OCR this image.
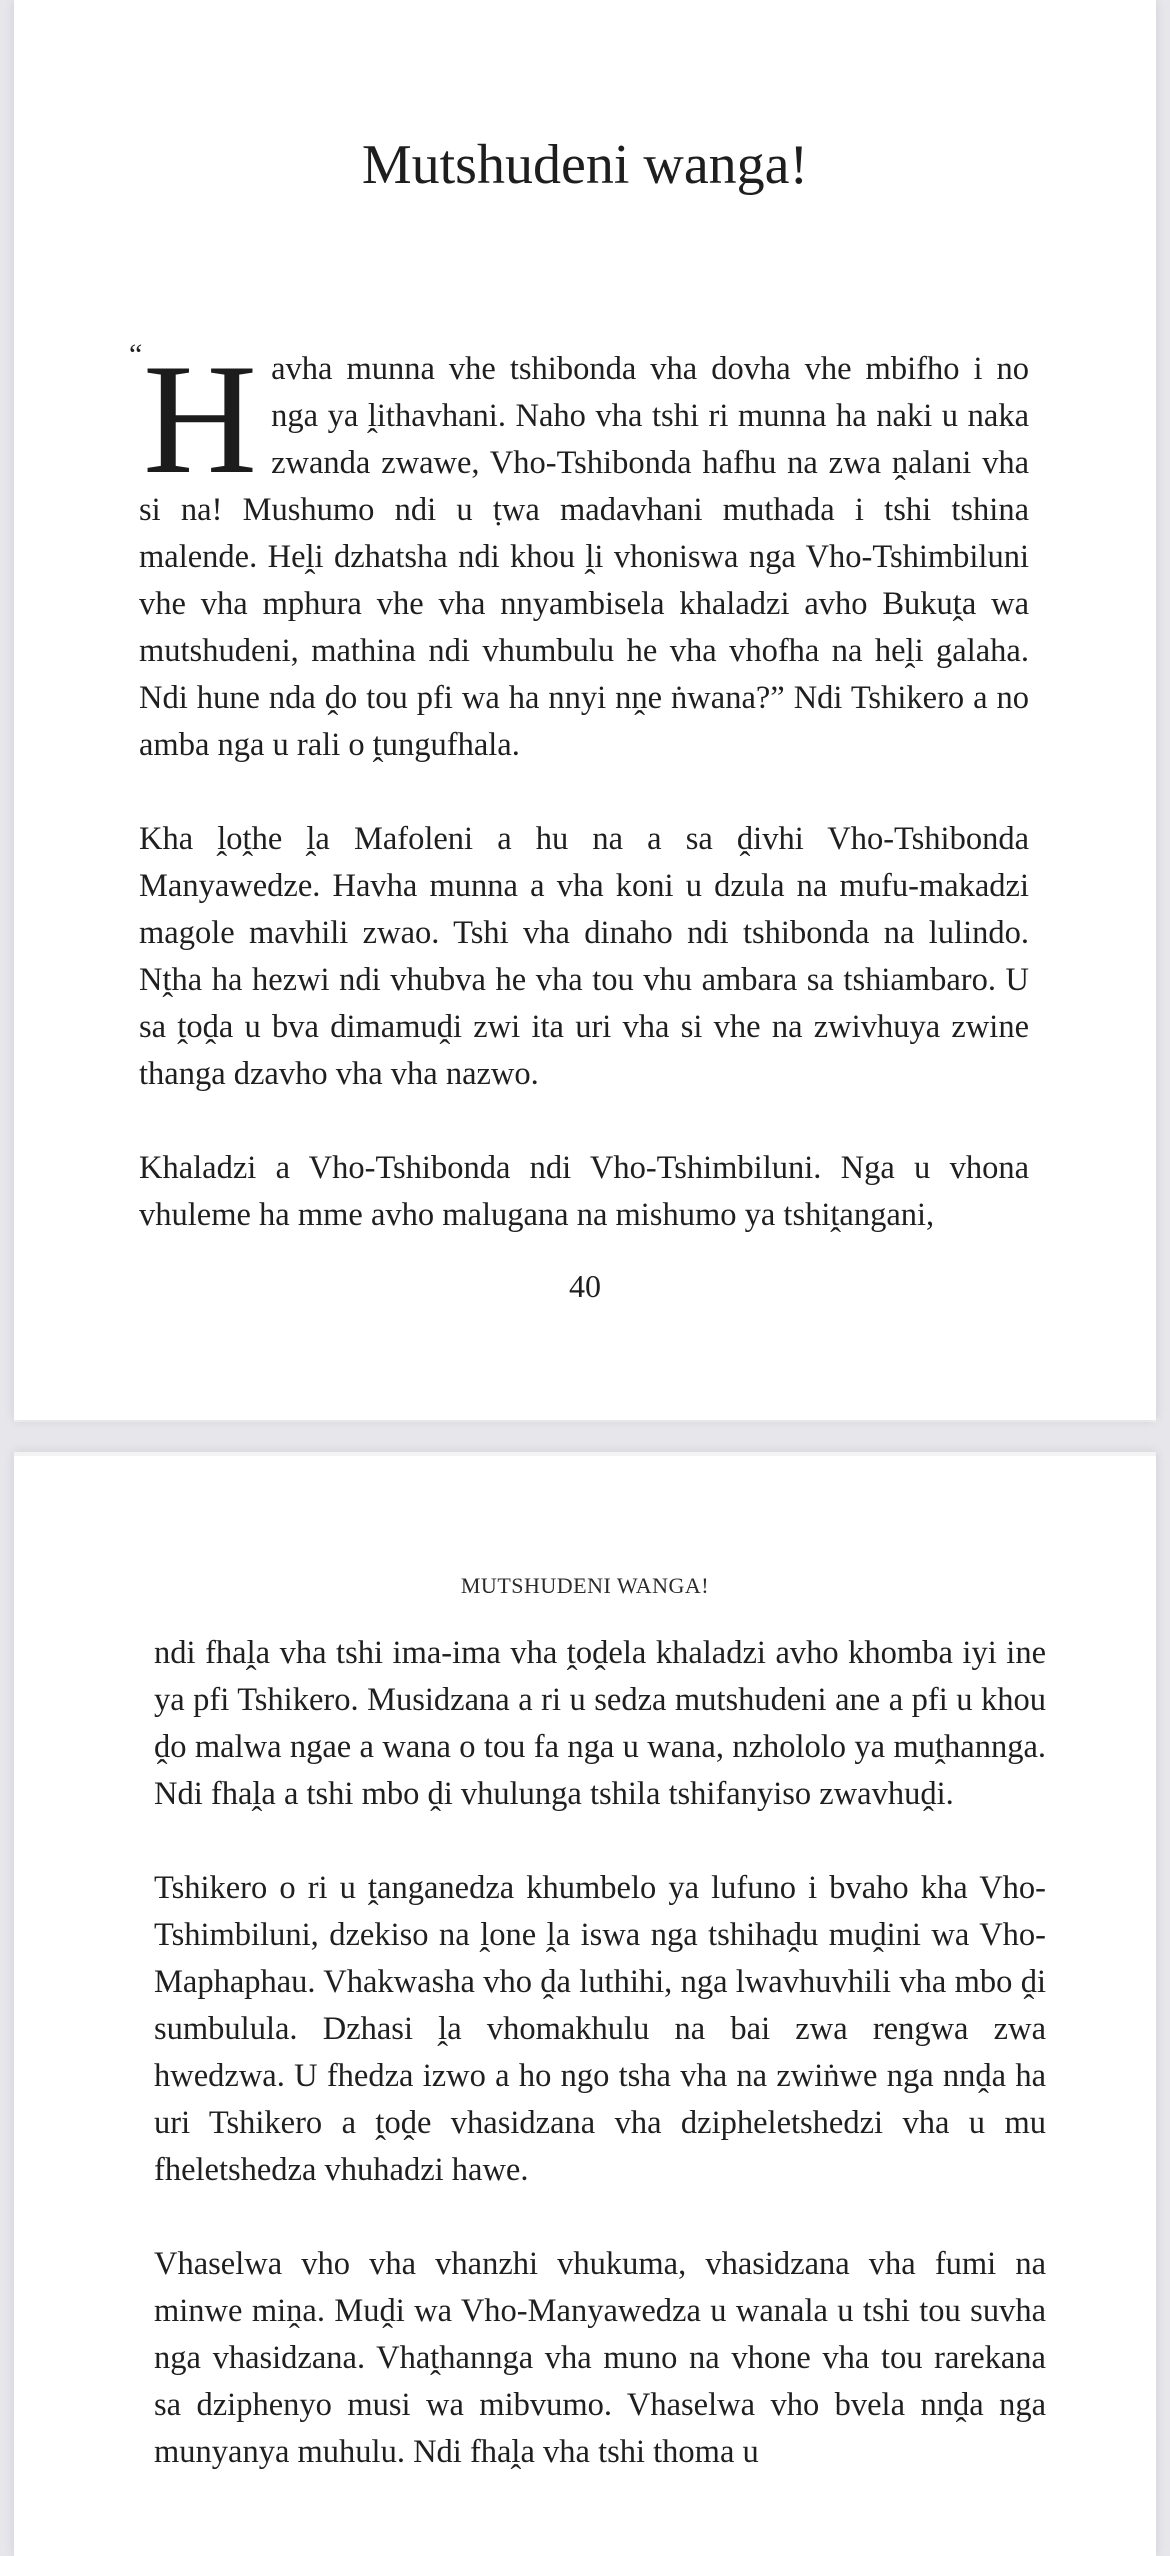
Mutshudeni wanga!

“ H avha munna vhe tshibonda vha dovha vhe mbifho i no nga ya ḽithavhani. Naho vha tshi ri munna ha naki u naka zwanda zwawe, Vho-Tshibonda hafhu na zwa ṋalani vha si na! Mushumo ndi u ṭwa madavhani muthada i tshi tshina malende. Heḽi dzhatsha ndi khou ḽi vhoniswa nga Vho-Tshimbiluni vhe vha mphura vhe vha nnyambisela khaladzi avho Bukuṱa wa mutshudeni, mathina ndi vhumbulu he vha vhofha na heḽi galaha. Ndi hune nda ḓo tou pfi wa ha nnyi nṋe ṅwana?” Ndi Tshikero a no amba nga u rali o ṱungufhala.

Kha ḽoṱhe ḽa Mafoleni a hu na a sa ḓivhi Vho-Tshibonda Manyawedze. Havha munna a vha koni u dzula na mufu-makadzi magole mavhili zwao. Tshi vha dinaho ndi tshibonda na lulindo. Nṱha ha hezwi ndi vhubva he vha tou vhu ambara sa tshiambaro. U sa ṱoḓa u bva dimamuḓi zwi ita uri vha si vhe na zwivhuya zwine thanga dzavho vha vha nazwo.

Khaladzi a Vho-Tshibonda ndi Vho-Tshimbiluni. Nga u vhona vhuleme ha mme avho malugana na mishumo ya tshiṱangani,

40
MUTSHUDENI WANGA!

ndi fhaḽa vha tshi ima-ima vha ṱoḓela khaladzi avho khomba iyi ine ya pfi Tshikero. Musidzana a ri u sedza mutshudeni ane a pfi u khou ḓo malwa ngae a wana o tou fa nga u wana, nzhololo ya muṱhannga. Ndi fhaḽa a tshi mbo ḓi vhulunga tshila tshifanyiso zwavhuḓi.

Tshikero o ri u ṱanganedza khumbelo ya lufuno i bvaho kha Vho-Tshimbiluni, dzekiso na ḽone ḽa iswa nga tshihaḓu muḓini wa Vho-Maphaphau. Vhakwasha vho ḓa luthihi, nga lwavhuvhili vha mbo ḓi sumbulula. Dzhasi ḽa vhomakhulu na bai zwa rengwa zwa hwedzwa. U fhedza izwo a ho ngo tsha vha na zwiṅwe nga nnḓa ha uri Tshikero a ṱoḓe vhasidzana vha dzipheletshedzi vha u mu fheletshedza vhuhadzi hawe.

Vhaselwa vho vha vhanzhi vhukuma, vhasidzana vha fumi na minwe miṋa. Muḓi wa Vho-Manyawedza u wanala u tshi tou suvha nga vhasidzana. Vhaṱhannga vha muno na vhone vha tou rarekana sa dziphenyo musi wa mibvumo. Vhaselwa vho bvela nnḓa nga munyanya muhulu. Ndi fhaḽa vha tshi thoma u
